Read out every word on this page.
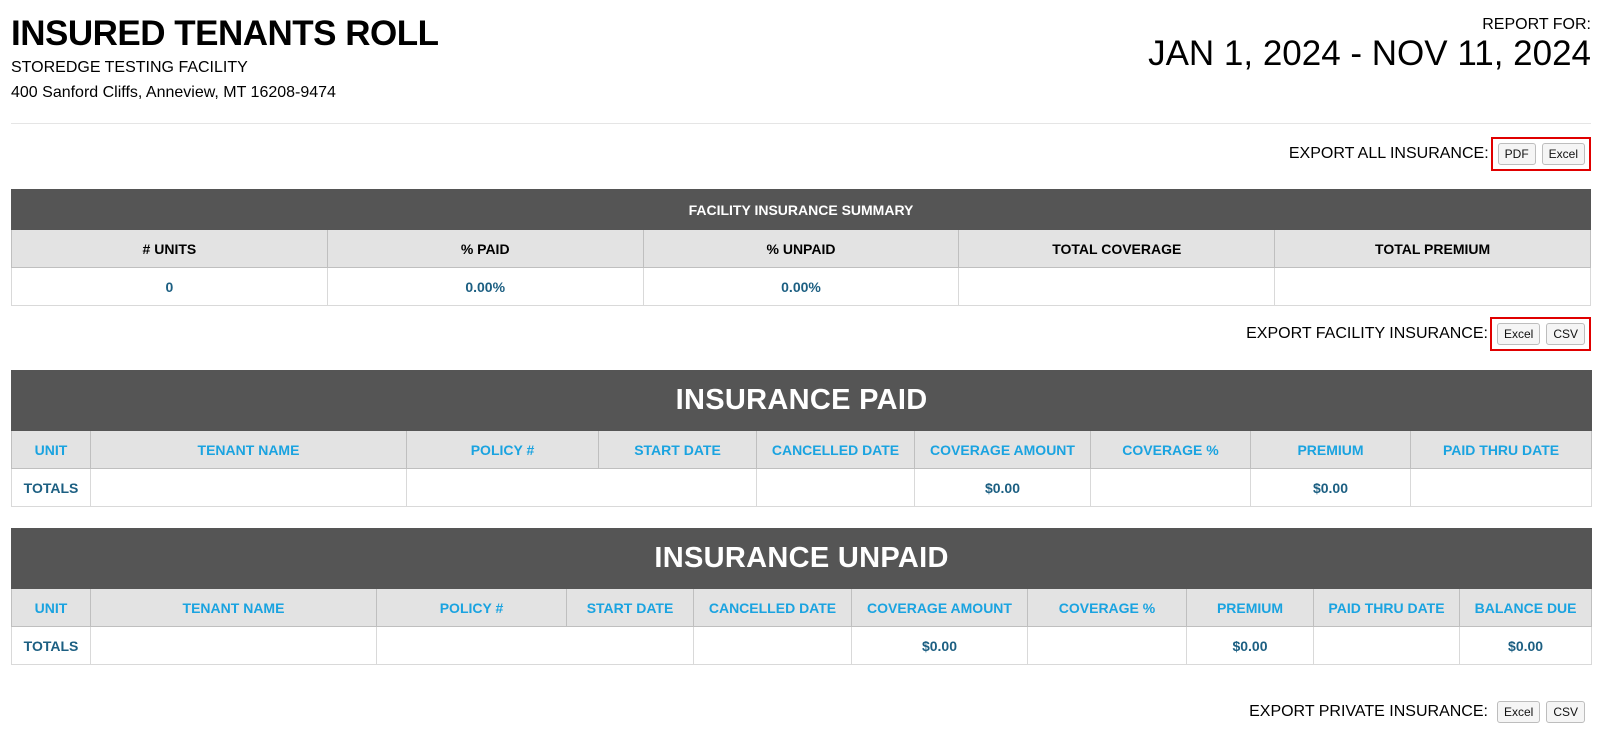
INSURED TENANTS ROLL
STOREDGE TESTING FACILITY
400 Sanford Cliffs, Anneview, MT 16208-9474
REPORT FOR:
JAN 1, 2024 - NOV 11, 2024
EXPORT ALL INSURANCE:	PDF	Excel
FACILITY INSURANCE SUMMARY				
# UNITS	% PAID	% UNPAID	TOTAL COVERAGE	TOTAL PREMIUM
0	0.00%	0.00%		
EXPORT FACILITY INSURANCE:	Excel	CSV
INSURANCE PAID								
UNIT	TENANT NAME	POLICY #	START DATE	CANCELLED DATE	COVERAGE AMOUNT	COVERAGE %	PREMIUM	PAID THRU DATE
TOTALS					$0.00		$0.00	
INSURANCE UNPAID									
UNIT	TENANT NAME	POLICY #	START DATE	CANCELLED DATE	COVERAGE AMOUNT	COVERAGE %	PREMIUM	PAID THRU DATE	BALANCE DUE
TOTALS					$0.00		$0.00		$0.00
EXPORT PRIVATE INSURANCE:	Excel	CSV
